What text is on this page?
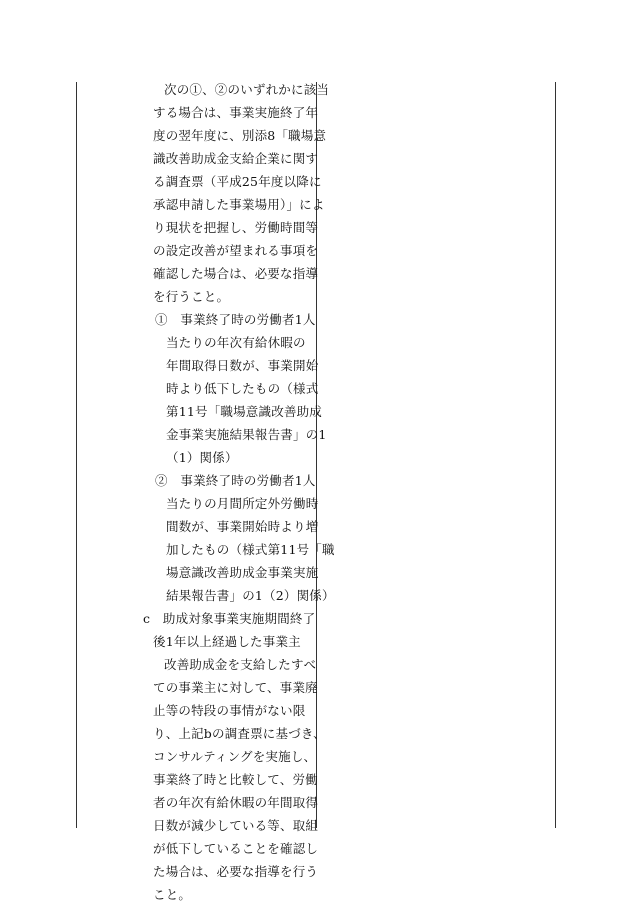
次の①、②のいずれかに該当

する場合は、事業実施終了年

度の翌年度に、別添8「職場意

識改善助成金支給企業に関す

る調査票（平成25年度以降に

承認申請した事業場用）」によ

り現状を把握し、労働時間等

の設定改善が望まれる事項を

確認した場合は、必要な指導

を行うこと。

①　事業終了時の労働者1人

当たりの年次有給休暇の

年間取得日数が、事業開始

時より低下したもの（様式

第11号「職場意識改善助成

金事業実施結果報告書」の1

（1）関係）

②　事業終了時の労働者1人

当たりの月間所定外労働時

間数が、事業開始時より増

加したもの（様式第11号「職

場意識改善助成金事業実施

結果報告書」の1（2）関係）

c　助成対象事業実施期間終了

後1年以上経過した事業主

改善助成金を支給したすべ

ての事業主に対して、事業廃

止等の特段の事情がない限

り、上記bの調査票に基づき、

コンサルティングを実施し、

事業終了時と比較して、労働

者の年次有給休暇の年間取得

日数が減少している等、取組

が低下していることを確認し

た場合は、必要な指導を行う

こと。
